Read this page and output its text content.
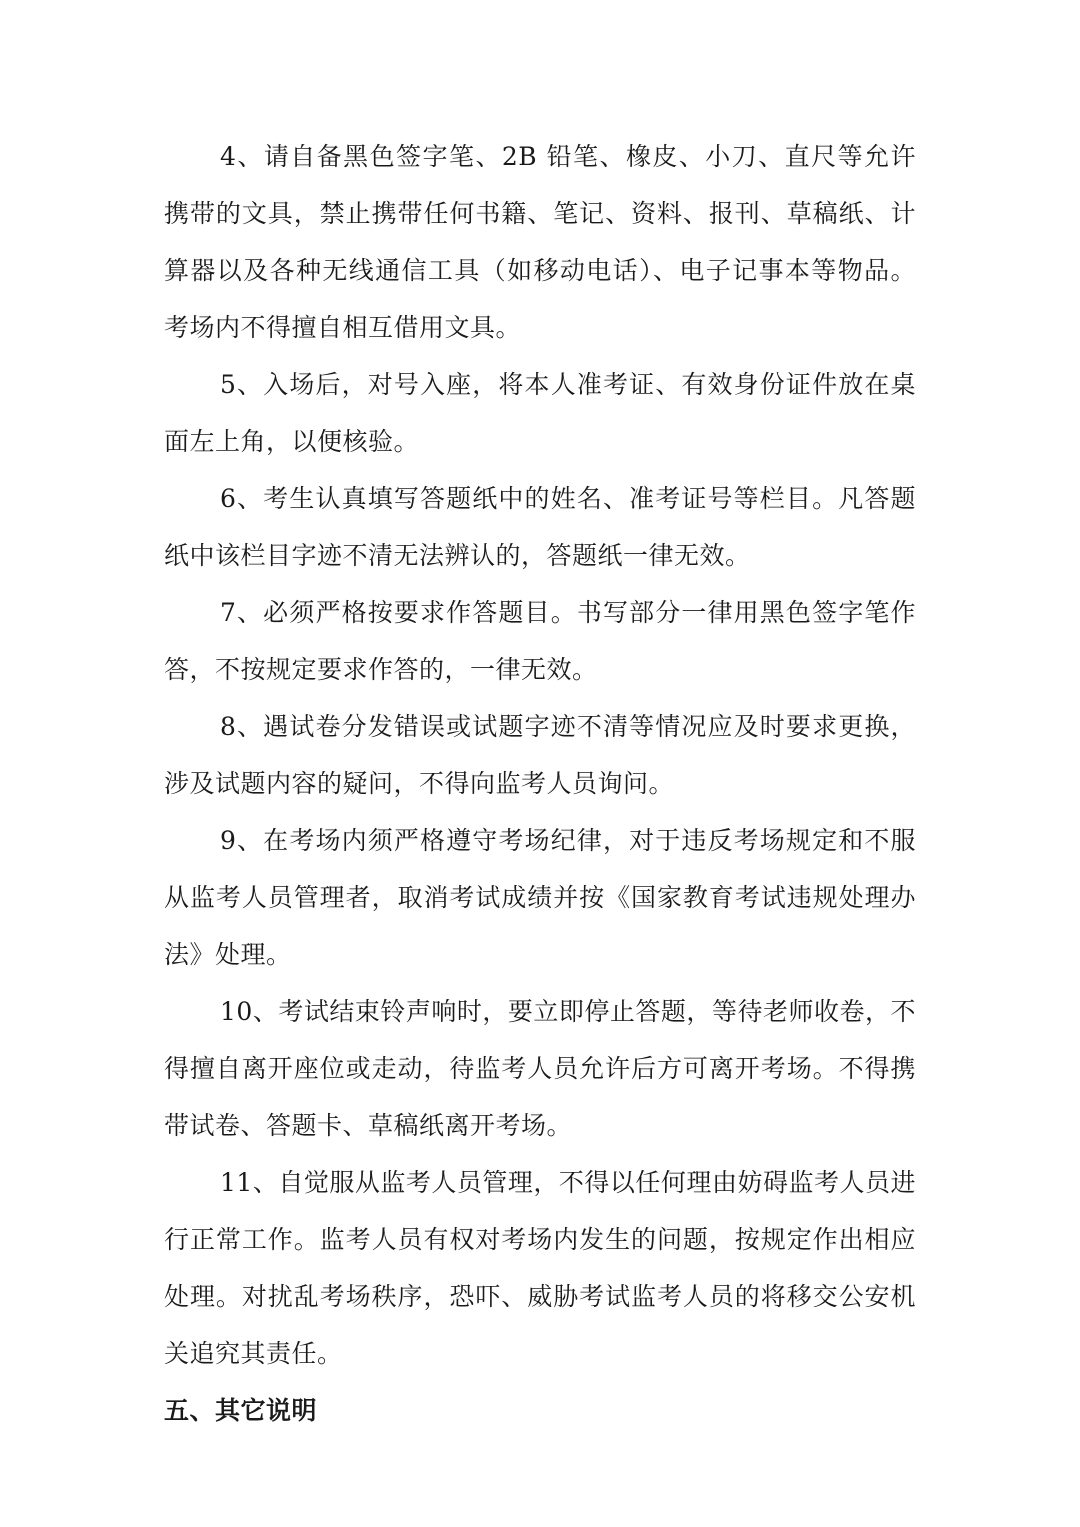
4、请自备黑色签字笔、2B 铅笔、橡皮、小刀、直尺等允许携带的文具，禁止携带任何书籍、笔记、资料、报刊、草稿纸、计算器以及各种无线通信工具（如移动电话）、电子记事本等物品。考场内不得擅自相互借用文具。

5、入场后，对号入座，将本人准考证、有效身份证件放在桌面左上角，以便核验。

6、考生认真填写答题纸中的姓名、准考证号等栏目。凡答题纸中该栏目字迹不清无法辨认的，答题纸一律无效。

7、必须严格按要求作答题目。书写部分一律用黑色签字笔作答，不按规定要求作答的，一律无效。

8、遇试卷分发错误或试题字迹不清等情况应及时要求更换，涉及试题内容的疑问，不得向监考人员询问。

9、在考场内须严格遵守考场纪律，对于违反考场规定和不服从监考人员管理者，取消考试成绩并按《国家教育考试违规处理办法》处理。

10、考试结束铃声响时，要立即停止答题，等待老师收卷，不得擅自离开座位或走动，待监考人员允许后方可离开考场。不得携带试卷、答题卡、草稿纸离开考场。

11、自觉服从监考人员管理，不得以任何理由妨碍监考人员进行正常工作。监考人员有权对考场内发生的问题，按规定作出相应处理。对扰乱考场秩序，恐吓、威胁考试监考人员的将移交公安机关追究其责任。

五、其它说明
